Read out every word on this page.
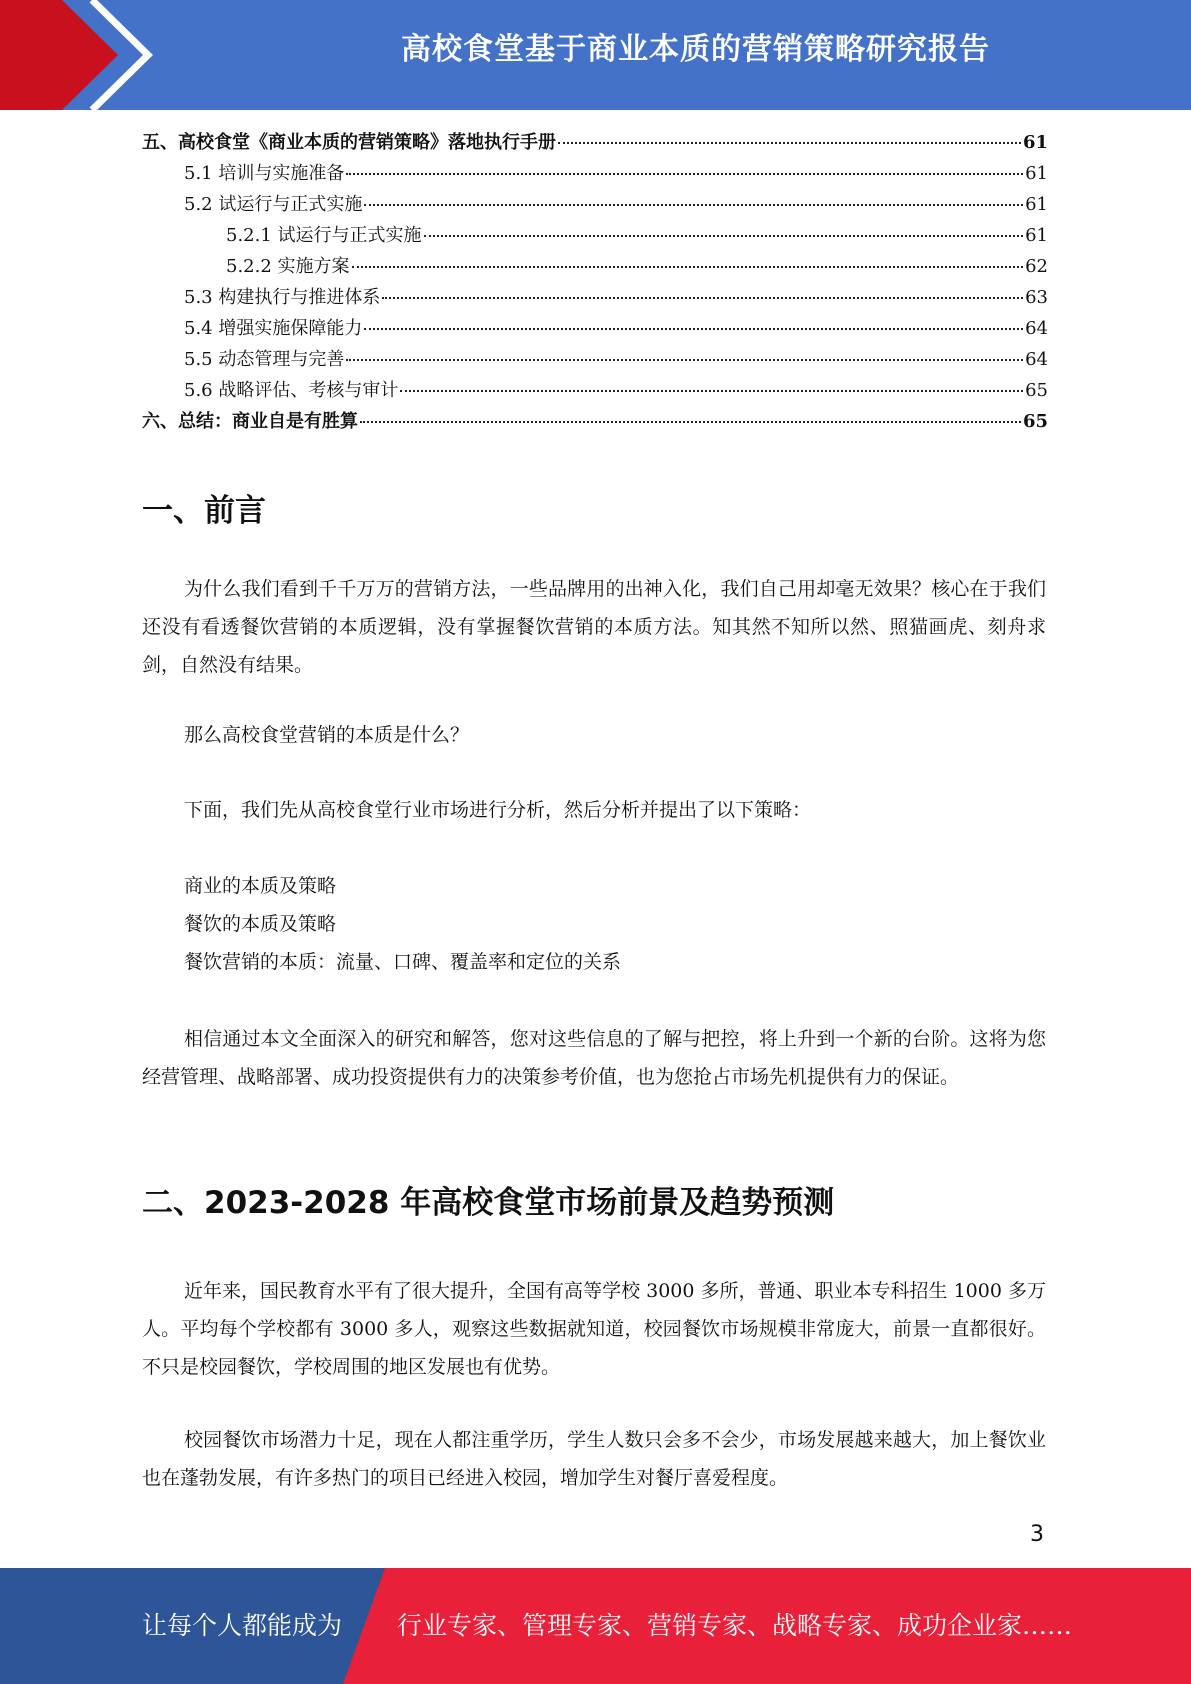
高校食堂基于商业本质的营销策略研究报告
五、高校食堂《商业本质的营销策略》落地执行手册	61
5.1 培训与实施准备	61
5.2 试运行与正式实施	61
5.2.1 试运行与正式实施	61
5.2.2 实施方案	62
5.3 构建执行与推进体系	63
5.4 增强实施保障能力	64
5.5 动态管理与完善	64
5.6 战略评估、考核与审计	65
六、总结：商业自是有胜算	65
一、前言

为什么我们看到千千万万的营销方法，一些品牌用的出神入化，我们自己用却毫无效果？核心在于我们还没有看透餐饮营销的本质逻辑，没有掌握餐饮营销的本质方法。知其然不知所以然、照猫画虎、刻舟求剑，自然没有结果。

那么高校食堂营销的本质是什么？

下面，我们先从高校食堂行业市场进行分析，然后分析并提出了以下策略：

商业的本质及策略

餐饮的本质及策略

餐饮营销的本质：流量、口碑、覆盖率和定位的关系

相信通过本文全面深入的研究和解答，您对这些信息的了解与把控，将上升到一个新的台阶。这将为您经营管理、战略部署、成功投资提供有力的决策参考价值，也为您抢占市场先机提供有力的保证。

二、2023-2028 年高校食堂市场前景及趋势预测

近年来，国民教育水平有了很大提升，全国有高等学校 3000 多所，普通、职业本专科招生 1000 多万人。平均每个学校都有 3000 多人，观察这些数据就知道，校园餐饮市场规模非常庞大，前景一直都很好。不只是校园餐饮，学校周围的地区发展也有优势。

校园餐饮市场潜力十足，现在人都注重学历，学生人数只会多不会少，市场发展越来越大，加上餐饮业也在蓬勃发展，有许多热门的项目已经进入校园，增加学生对餐厅喜爱程度。

3
让每个人都能成为 行业专家、管理专家、营销专家、战略专家、成功企业家……
